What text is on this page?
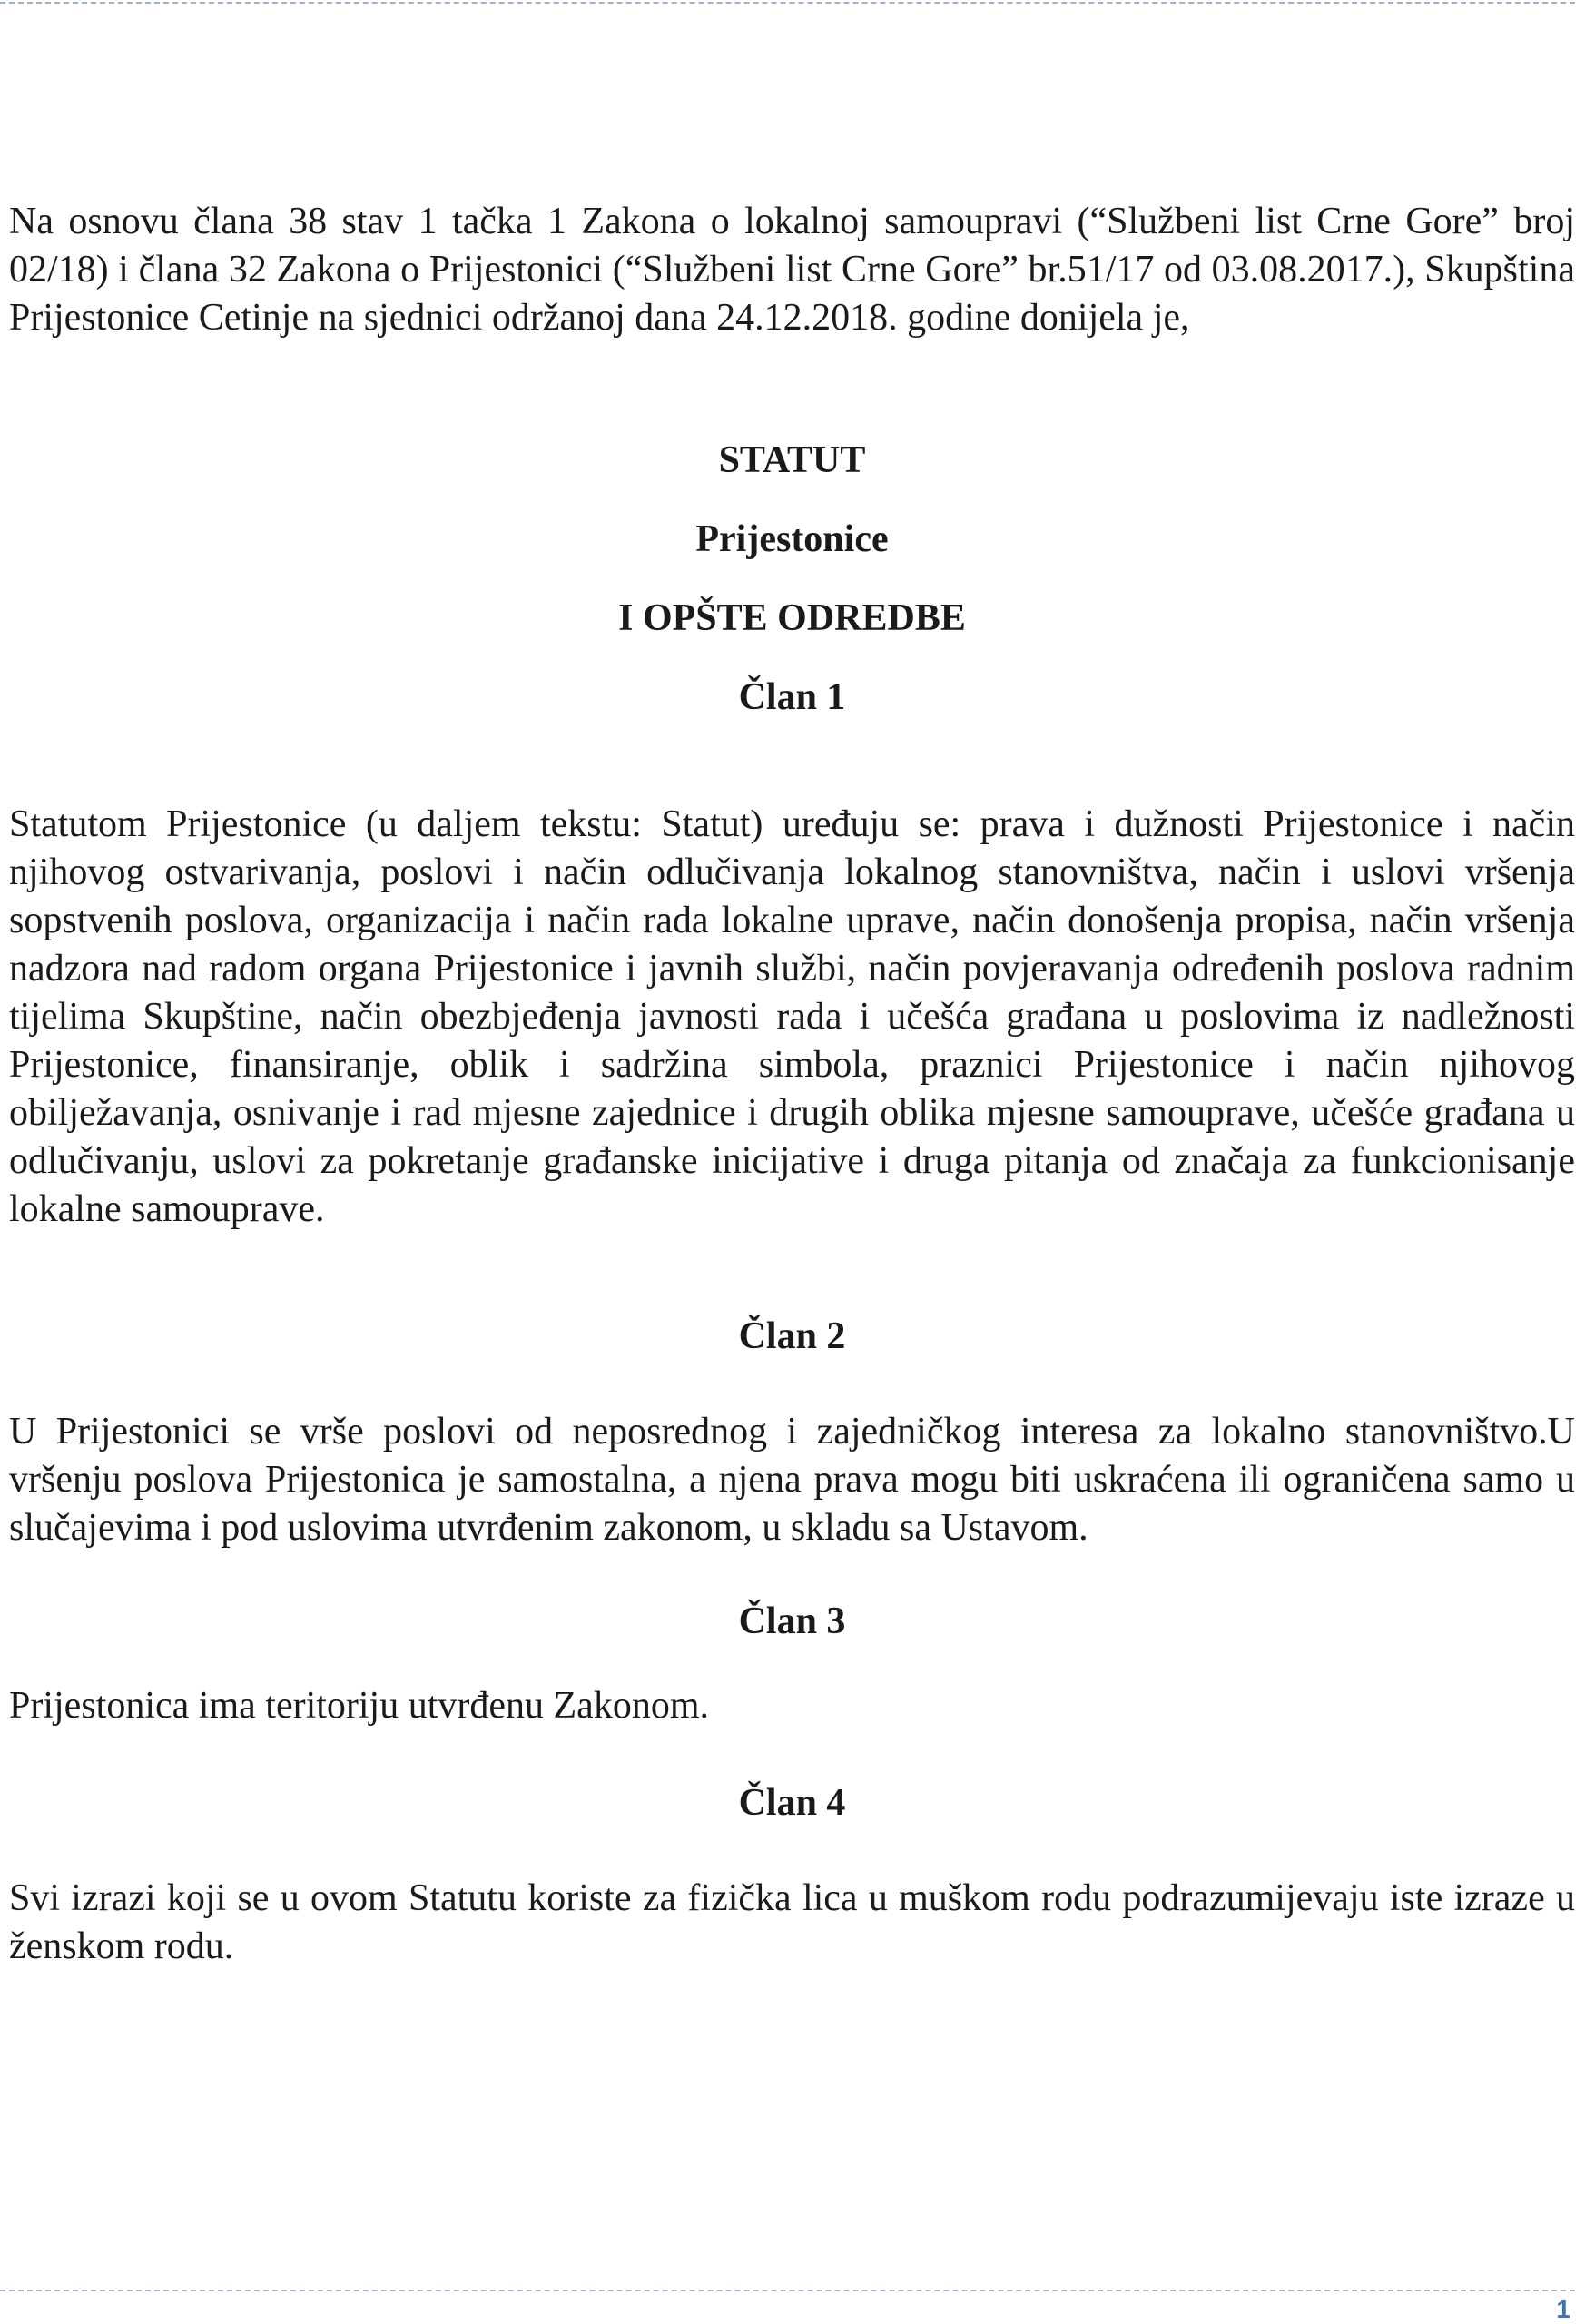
Na osnovu člana 38 stav 1 tačka 1 Zakona o lokalnoj samoupravi (“Službeni list Crne Gore” broj 02/18) i člana 32 Zakona o Prijestonici (“Službeni list Crne Gore” br.51/17 od 03.08.2017.), Skupština Prijestonice Cetinje na sjednici održanoj dana 24.12.2018. godine donijela je,

STATUT
Prijestonice
I OPŠTE ODREDBE
Član 1

Statutom Prijestonice (u daljem tekstu: Statut) uređuju se: prava i dužnosti Prijestonice i način njihovog ostvarivanja, poslovi i način odlučivanja lokalnog stanovništva, način i uslovi vršenja sopstvenih poslova, organizacija i način rada lokalne uprave, način donošenja propisa, način vršenja nadzora nad radom organa Prijestonice i javnih službi, način povjeravanja određenih poslova radnim tijelima Skupštine, način obezbjeđenja javnosti rada i učešća građana u poslovima iz nadležnosti Prijestonice, finansiranje, oblik i sadržina simbola, praznici Prijestonice i način njihovog obilježavanja, osnivanje i rad mjesne zajednice i drugih oblika mjesne samouprave, učešće građana u odlučivanju, uslovi za pokretanje građanske inicijative i druga pitanja od značaja za funkcionisanje lokalne samouprave.

Član 2

U Prijestonici se vrše poslovi od neposrednog i zajedničkog interesa za lokalno stanovništvo.U vršenju poslova Prijestonica je samostalna, a njena prava mogu biti uskraćena ili ograničena samo u slučajevima i pod uslovima utvrđenim zakonom, u skladu sa Ustavom.

Član 3

Prijestonica ima teritoriju utvrđenu Zakonom.

Član 4

Svi izrazi koji se u ovom Statutu koriste za fizička lica u muškom rodu podrazumijevaju iste izraze u ženskom rodu.

1
